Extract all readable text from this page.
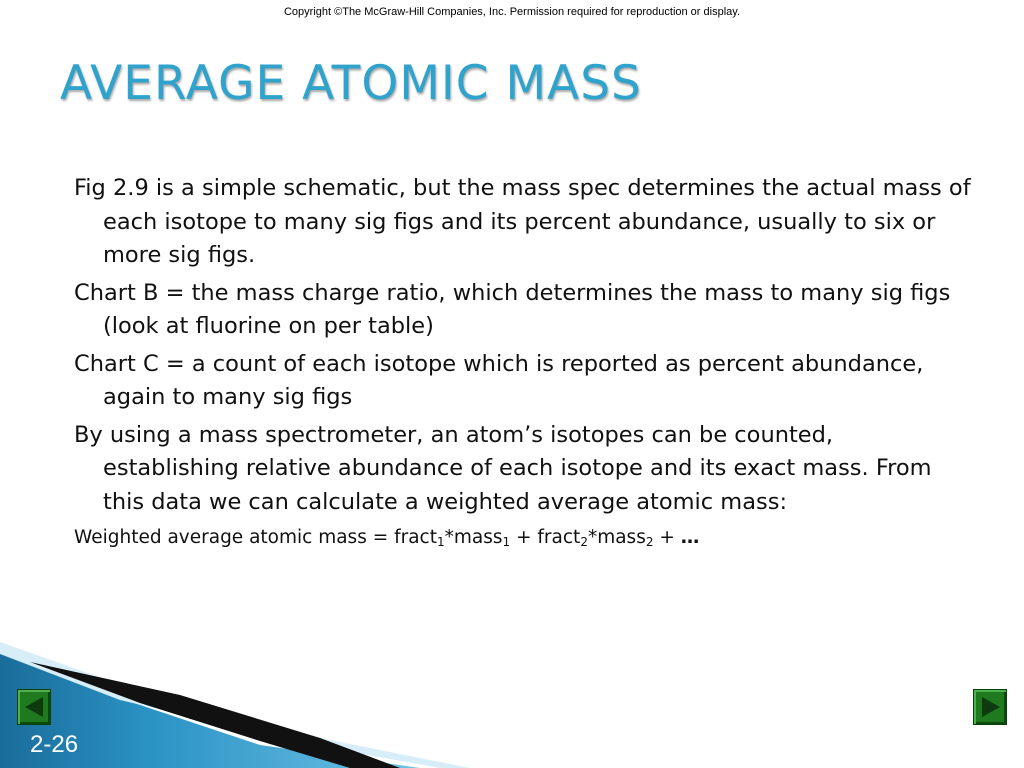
Copyright ©The McGraw-Hill Companies, Inc. Permission required for reproduction or display.
AVERAGE ATOMIC MASS

Fig 2.9 is a simple schematic, but the mass spec determines the actual mass of each isotope to many sig figs and its percent abundance, usually to six or more sig figs.

Chart B = the mass charge ratio, which determines the mass to many sig figs (look at fluorine on per table)

Chart C = a count of each isotope which is reported as percent abundance, again to many sig figs

By using a mass spectrometer, an atom’s isotopes can be counted, establishing relative abundance of each isotope and its exact mass. From this data we can calculate a weighted average atomic mass:

Weighted average atomic mass = fract$_1$*mass$_1$ + fract$_2$*mass$_2$ + …

2-26
